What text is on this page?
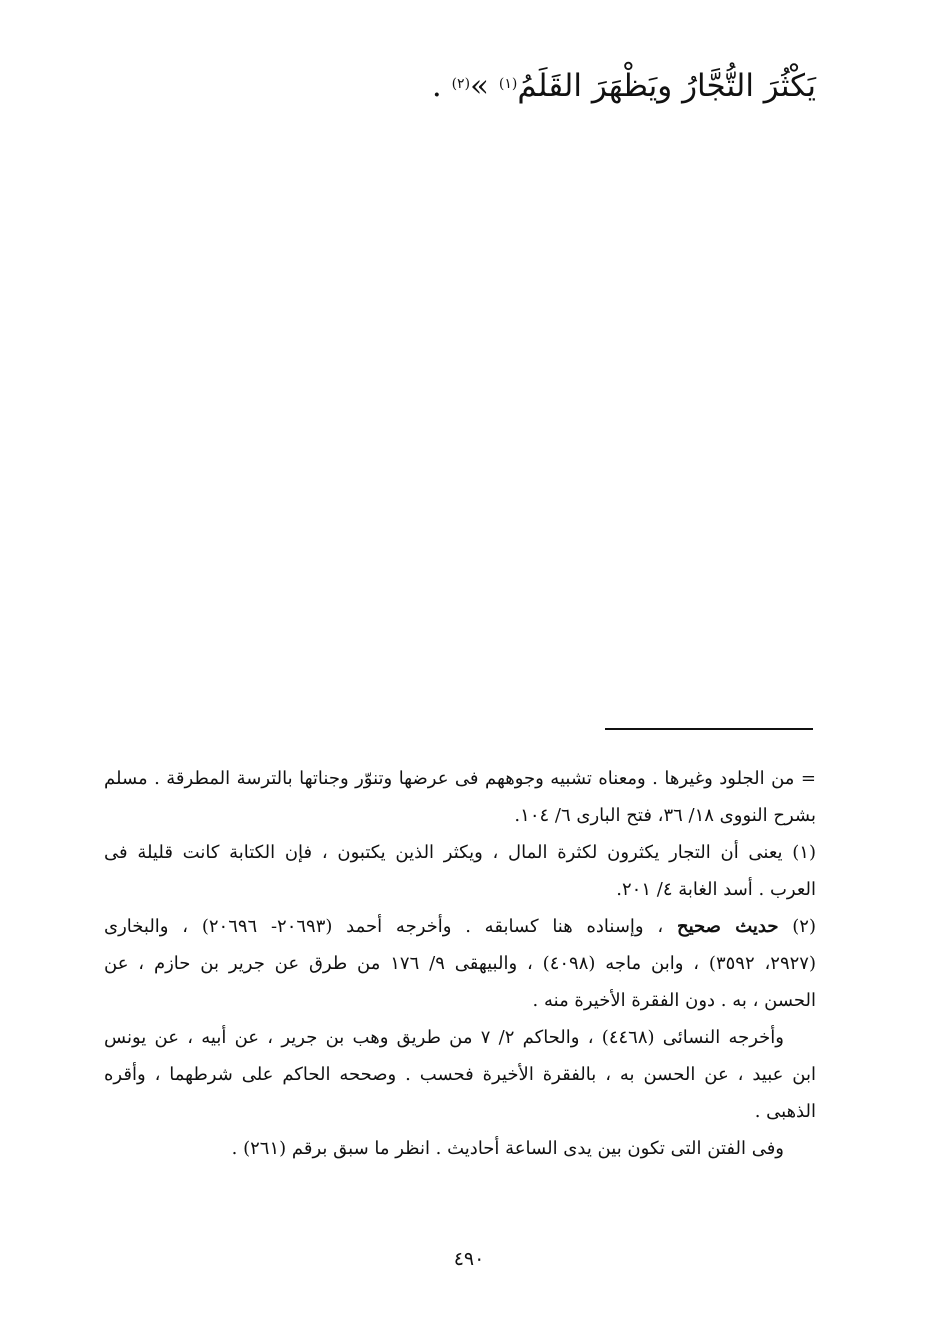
يَكْثُرَ التُّجَّارُ ويَظْهَرَ القَلَمُ$^{(١)}$ »$^{(٢)}$ .
= من الجلود وغيرها . ومعناه تشبيه وجوههم فى عرضها وتنوّر وجناتها بالترسة المطرقة . مسلم
بشرح النووى ١٨/ ٣٦، فتح البارى ٦/ ١٠٤.
(١) يعنى أن التجار يكثرون لكثرة المال ، ويكثر الذين يكتبون ، فإن الكتابة كانت قليلة فى
العرب . أسد الغابة ٤/ ٢٠١.
(٢) حديث صحيح ، وإسناده هنا كسابقه . وأخرجه أحمد (٢٠٦٩٣- ٢٠٦٩٦) ، والبخارى
(٢٩٢٧، ٣٥٩٢) ، وابن ماجه (٤٠٩٨) ، والبيهقى ٩/ ١٧٦ من طرق عن جرير بن حازم ، عن
الحسن ، به . دون الفقرة الأخيرة منه .
وأخرجه النسائى (٤٤٦٨) ، والحاكم ٢/ ٧ من طريق وهب بن جرير ، عن أبيه ، عن يونس
ابن عبيد ، عن الحسن به ، بالفقرة الأخيرة فحسب . وصححه الحاكم على شرطهما ، وأقره
الذهبى .
وفى الفتن التى تكون بين يدى الساعة أحاديث . انظر ما سبق برقم (٢٦١) .
٤٩٠
